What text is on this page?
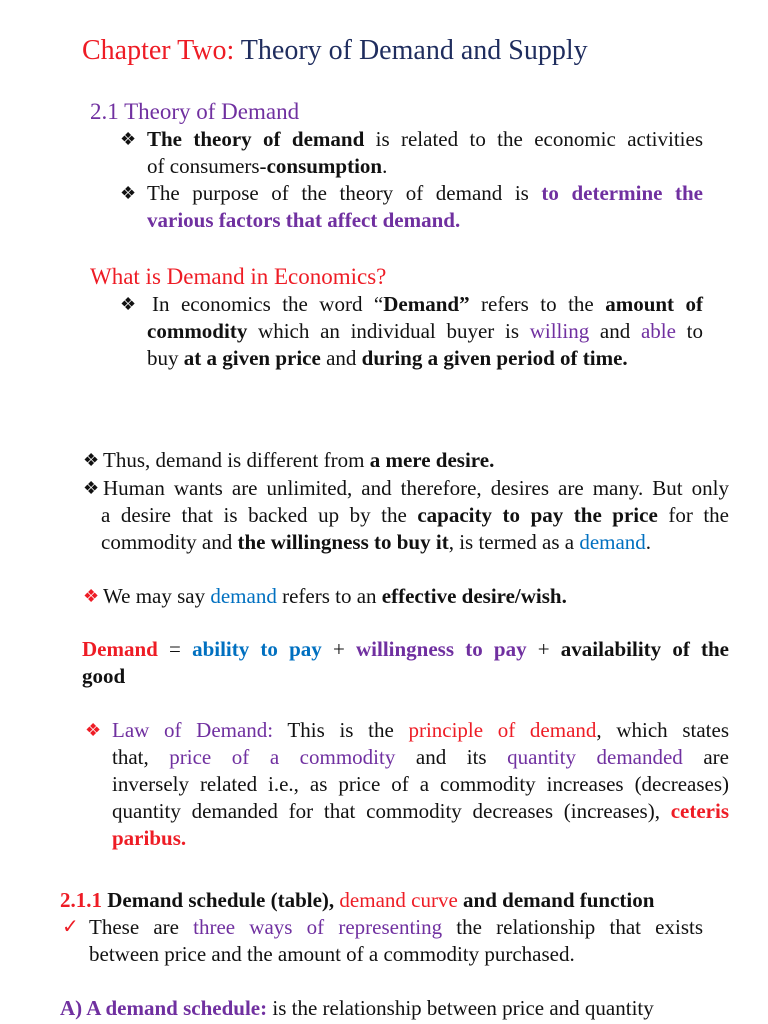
Chapter Two: Theory of Demand and Supply
2.1 Theory of Demand
❖ The theory of demand is related to the economic activities
of consumers-consumption.
❖ The purpose of the theory of demand is to determine the
various factors that affect demand.
What is Demand in Economics?
❖ In economics the word “Demand” refers to the amount of
commodity which an individual buyer is willing and able to
buy at a given price and during a given period of time.
❖ Thus, demand is different from a mere desire.
❖ Human wants are unlimited, and therefore, desires are many. But only
a desire that is backed up by the capacity to pay the price for the
commodity and the willingness to buy it, is termed as a demand.
❖ We may say demand refers to an effective desire/wish.
Demand = ability to pay + willingness to pay + availability of the
good
❖ Law of Demand: This is the principle of demand, which states
that, price of a commodity and its quantity demanded are
inversely related i.e., as price of a commodity increases (decreases)
quantity demanded for that commodity decreases (increases), ceteris
paribus.
2.1.1 Demand schedule (table), demand curve and demand function
✓ These are three ways of representing the relationship that exists
between price and the amount of a commodity purchased.
A) A demand schedule: is the relationship between price and quantity
